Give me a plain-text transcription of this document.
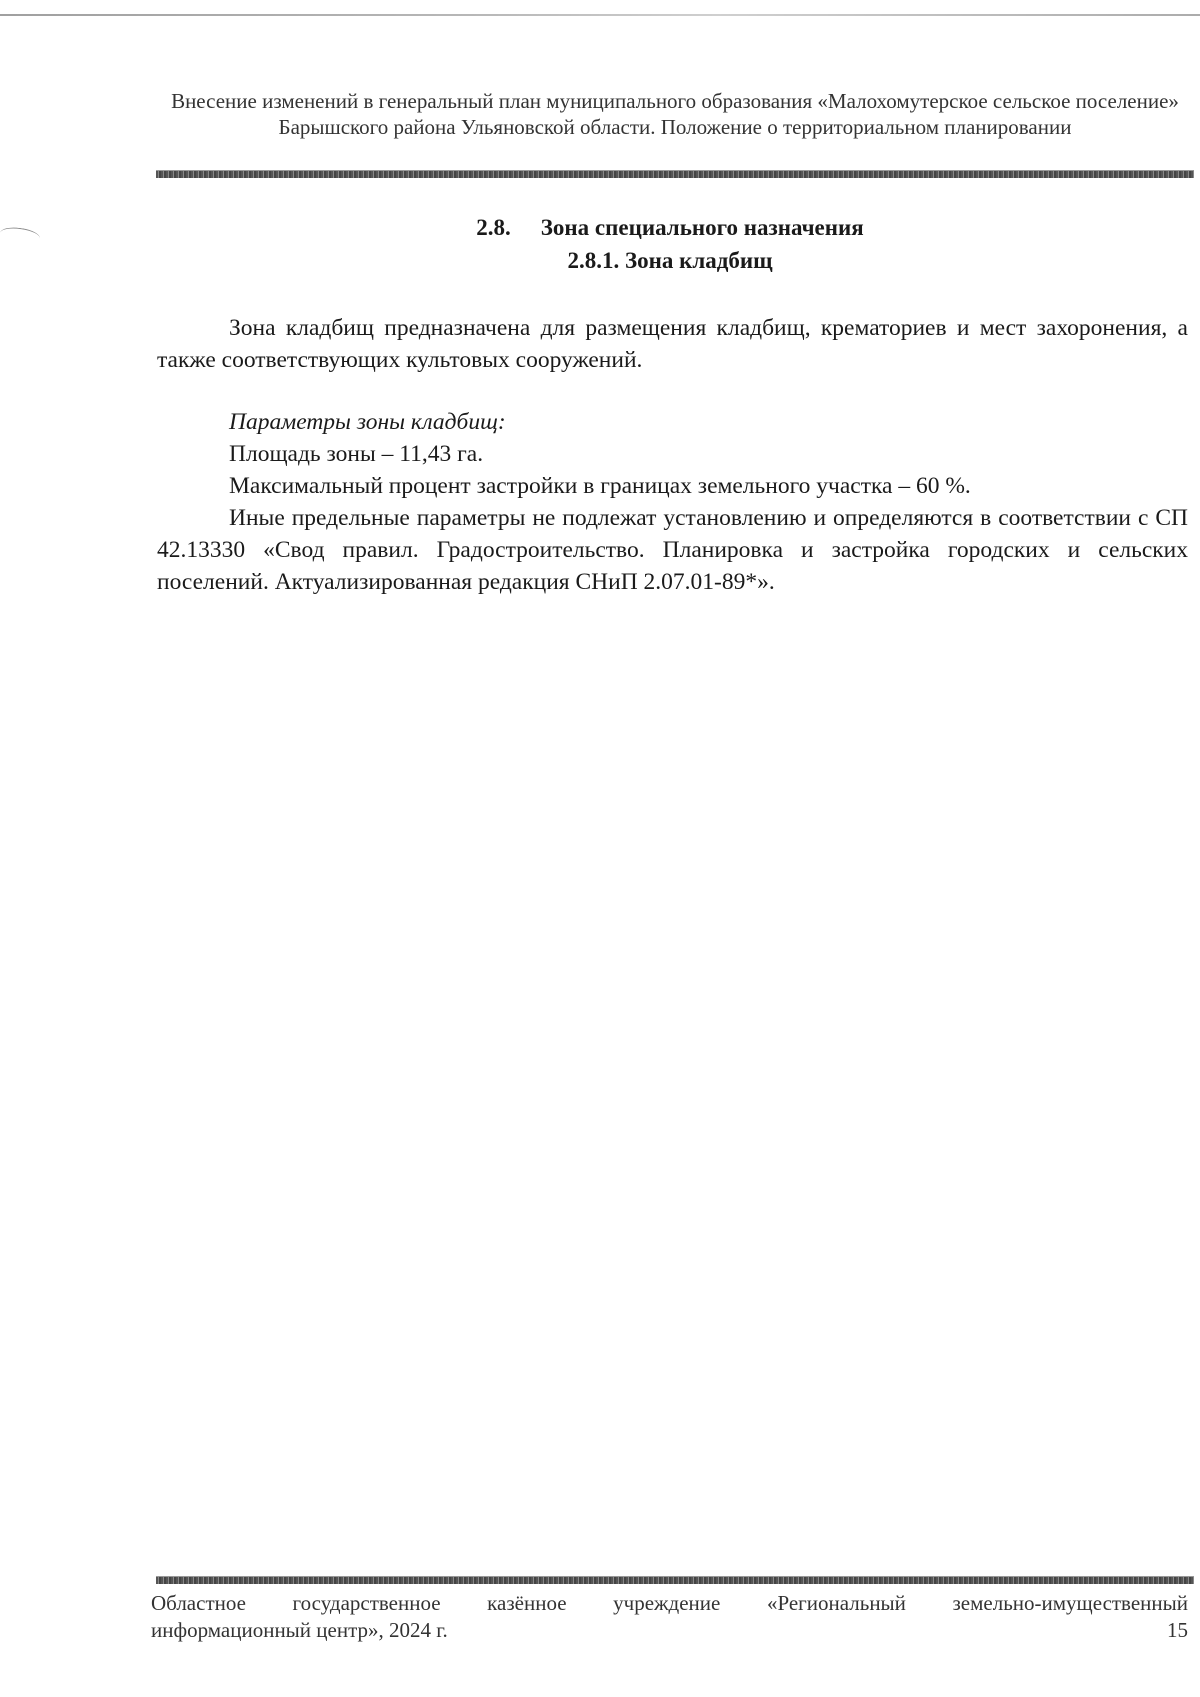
Внесение изменений в генеральный план муниципального образования «Малохомутерское сельское поселение» Барышского района Ульяновской области. Положение о территориальном планировании
2.8. Зона специального назначения
2.8.1. Зона кладбищ

Зона кладбищ предназначена для размещения кладбищ, крематориев и мест захоронения, а также соответствующих культовых сооружений.

Параметры зоны кладбищ:

Площадь зоны – 11,43 га.

Максимальный процент застройки в границах земельного участка – 60 %.

Иные предельные параметры не подлежат установлению и определяются в соответствии с СП 42.13330 «Свод правил. Градостроительство. Планировка и застройка городских и сельских поселений. Актуализированная редакция СНиП 2.07.01-89*».

Областное государственное казённое учреждение «Региональный земельно-имущественный
информационный центр», 2024 г.	15
